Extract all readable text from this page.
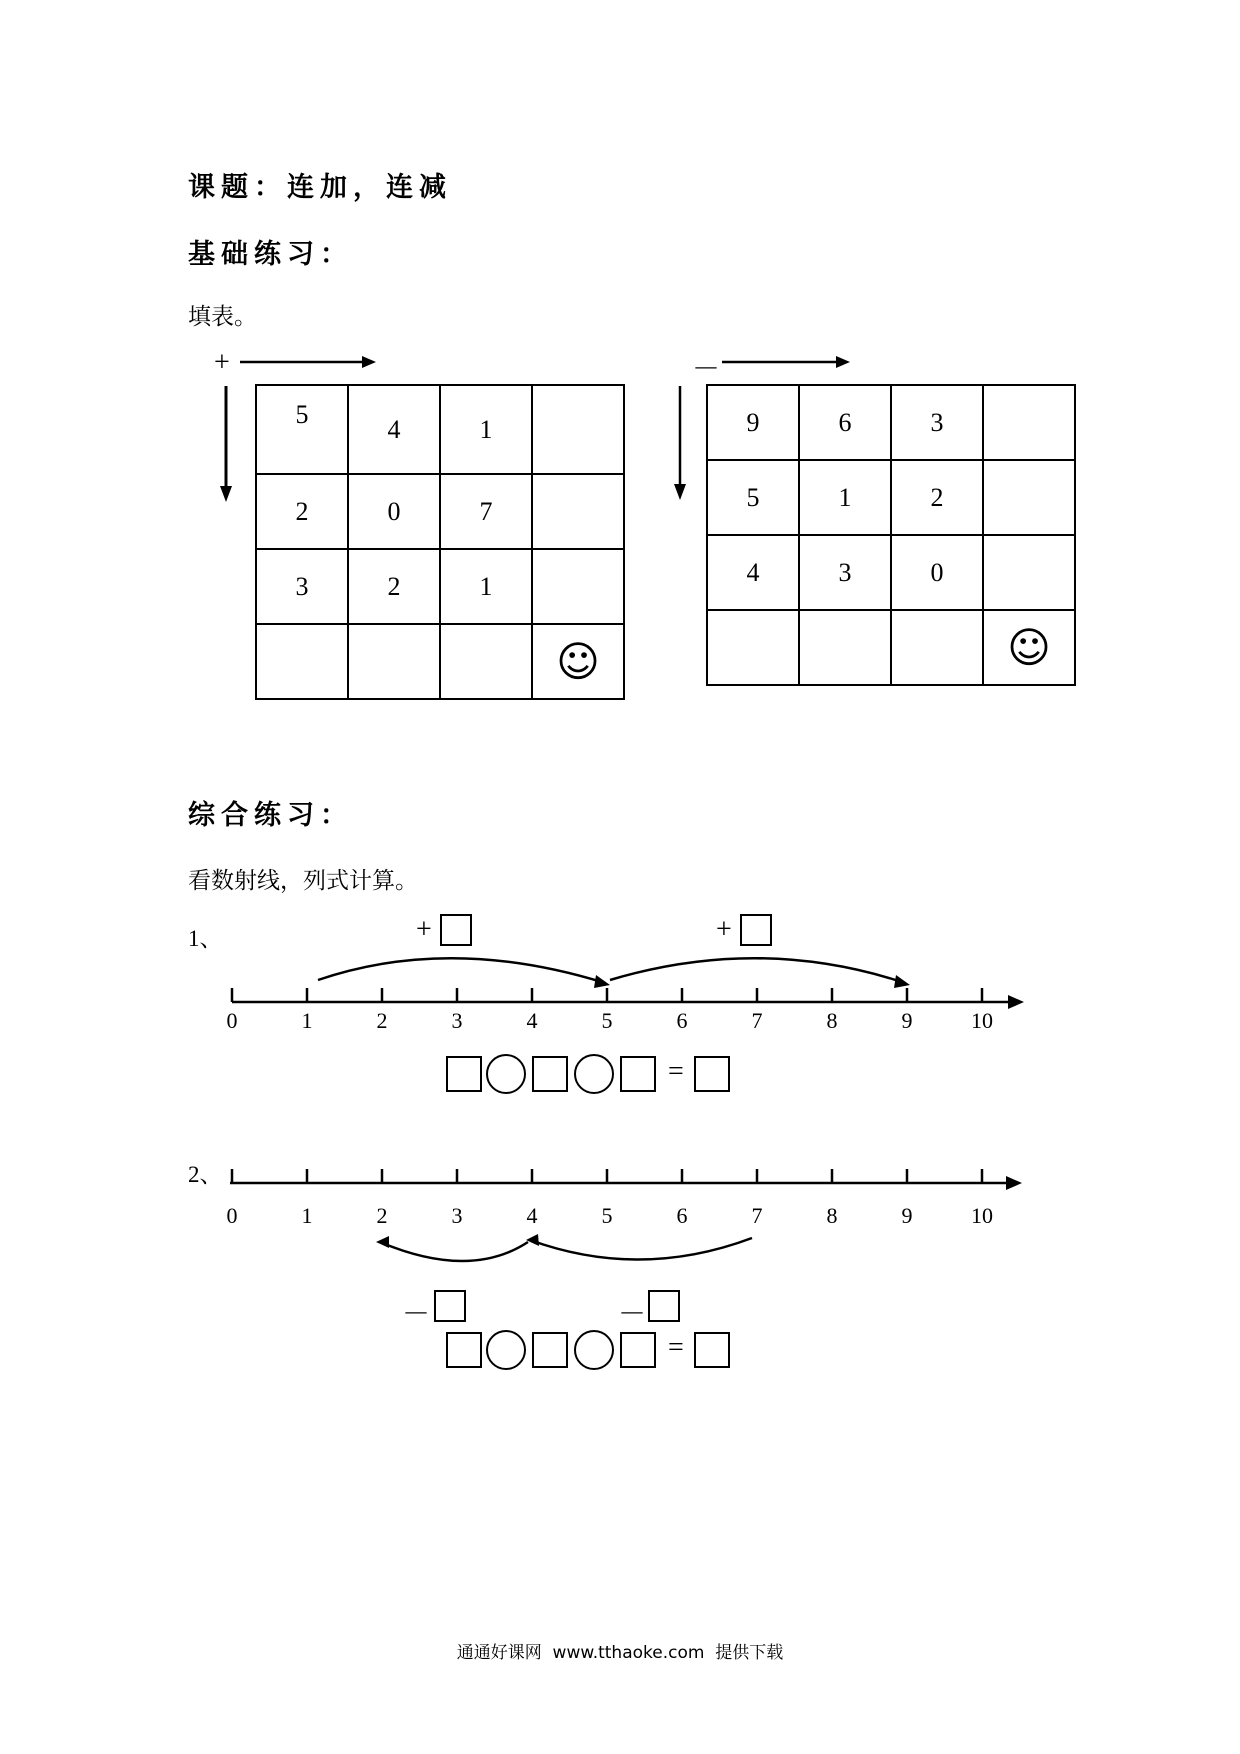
课题：连加，连减
基础练习：
填表。
+
5	4	1	
2	0	7	
3	2	1	
			☺
－
9	6	3	
5	1	2	
4	3	0	
			☺
综合练习：
看数射线，列式计算。
1、	+	+
0	1	2	3	4	5	6	7	8	9	10
=
2、
0	1	2	3	4	5	6	7	8	9	10
－	－
=
通通好课网  www.tthaoke.com  提供下载
